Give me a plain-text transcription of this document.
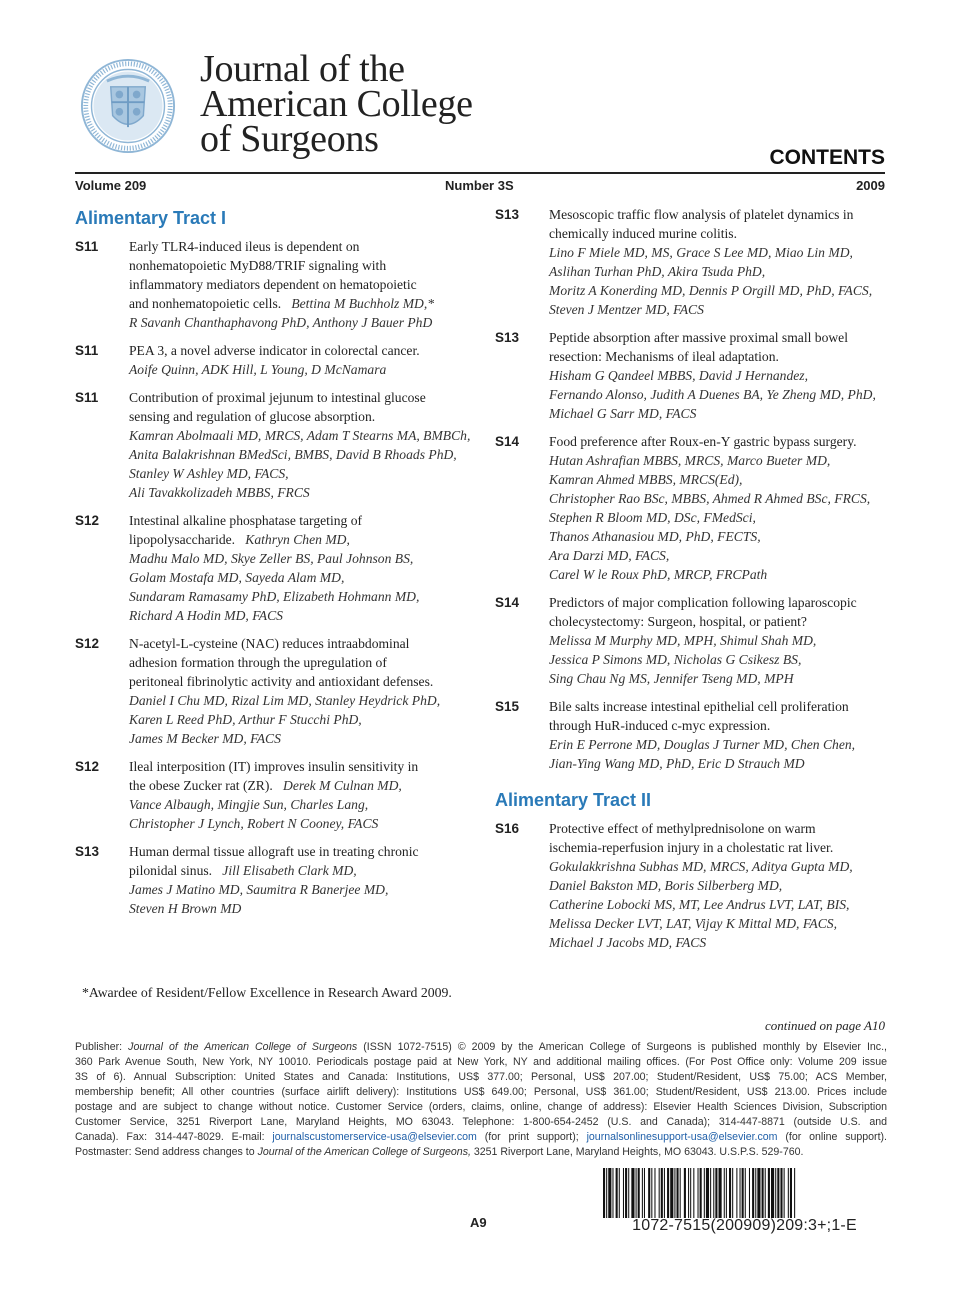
Journal of the
American College
of Surgeons	CONTENTS
Volume 209	Number 3S	2009
Alimentary Tract I
S11 Early TLR4-induced ileus is dependent on
nonhematopoietic MyD88/TRIF signaling with
inflammatory mediators dependent on hematopoietic
and nonhematopoietic cells.  Bettina M Buchholz MD,*
R Savanh Chanthaphavong PhD, Anthony J Bauer PhD
S11 PEA 3, a novel adverse indicator in colorectal cancer.
Aoife Quinn, ADK Hill, L Young, D McNamara
S11 Contribution of proximal jejunum to intestinal glucose
sensing and regulation of glucose absorption.
Kamran Abolmaali MD, MRCS, Adam T Stearns MA, BMBCh,
Anita Balakrishnan BMedSci, BMBS, David B Rhoads PhD,
Stanley W Ashley MD, FACS,
Ali Tavakkolizadeh MBBS, FRCS
S12 Intestinal alkaline phosphatase targeting of
lipopolysaccharide.  Kathryn Chen MD,
Madhu Malo MD, Skye Zeller BS, Paul Johnson BS,
Golam Mostafa MD, Sayeda Alam MD,
Sundaram Ramasamy PhD, Elizabeth Hohmann MD,
Richard A Hodin MD, FACS
S12 N-acetyl-L-cysteine (NAC) reduces intraabdominal
adhesion formation through the upregulation of
peritoneal fibrinolytic activity and antioxidant defenses.
Daniel I Chu MD, Rizal Lim MD, Stanley Heydrick PhD,
Karen L Reed PhD, Arthur F Stucchi PhD,
James M Becker MD, FACS
S12 Ileal interposition (IT) improves insulin sensitivity in
the obese Zucker rat (ZR).  Derek M Culnan MD,
Vance Albaugh, Mingjie Sun, Charles Lang,
Christopher J Lynch, Robert N Cooney, FACS
S13 Human dermal tissue allograft use in treating chronic
pilonidal sinus.  Jill Elisabeth Clark MD,
James J Matino MD, Saumitra R Banerjee MD,
Steven H Brown MD
S13 Mesoscopic traffic flow analysis of platelet dynamics in
chemically induced murine colitis.
Lino F Miele MD, MS, Grace S Lee MD, Miao Lin MD,
Aslihan Turhan PhD, Akira Tsuda PhD,
Moritz A Konerding MD, Dennis P Orgill MD, PhD, FACS,
Steven J Mentzer MD, FACS
S13 Peptide absorption after massive proximal small bowel
resection: Mechanisms of ileal adaptation.
Hisham G Qandeel MBBS, David J Hernandez,
Fernando Alonso, Judith A Duenes BA, Ye Zheng MD, PhD,
Michael G Sarr MD, FACS
S14 Food preference after Roux-en-Y gastric bypass surgery.
Hutan Ashrafian MBBS, MRCS, Marco Bueter MD,
Kamran Ahmed MBBS, MRCS(Ed),
Christopher Rao BSc, MBBS, Ahmed R Ahmed BSc, FRCS,
Stephen R Bloom MD, DSc, FMedSci,
Thanos Athanasiou MD, PhD, FECTS,
Ara Darzi MD, FACS,
Carel W le Roux PhD, MRCP, FRCPath
S14 Predictors of major complication following laparoscopic
cholecystectomy: Surgeon, hospital, or patient?
Melissa M Murphy MD, MPH, Shimul Shah MD,
Jessica P Simons MD, Nicholas G Csikesz BS,
Sing Chau Ng MS, Jennifer Tseng MD, MPH
S15 Bile salts increase intestinal epithelial cell proliferation
through HuR-induced c-myc expression.
Erin E Perrone MD, Douglas J Turner MD, Chen Chen,
Jian-Ying Wang MD, PhD, Eric D Strauch MD
Alimentary Tract II
S16 Protective effect of methylprednisolone on warm
ischemia-reperfusion injury in a cholestatic rat liver.
Gokulakkrishna Subhas MD, MRCS, Aditya Gupta MD,
Daniel Bakston MD, Boris Silberberg MD,
Catherine Lobocki MS, MT, Lee Andrus LVT, LAT, BIS,
Melissa Decker LVT, LAT, Vijay K Mittal MD, FACS,
Michael J Jacobs MD, FACS
*Awardee of Resident/Fellow Excellence in Research Award 2009.
continued on page A10
Publisher: Journal of the American College of Surgeons (ISSN 1072-7515) © 2009 by the American College of Surgeons is published monthly by Elsevier Inc.,
360 Park Avenue South, New York, NY 10010. Periodicals postage paid at New York, NY and additional mailing offices. (For Post Office only: Volume 209 issue
3S of 6). Annual Subscription: United States and Canada: Institutions, US$ 377.00; Personal, US$ 207.00; Student/Resident, US$ 75.00; ACS Member,
membership benefit; All other countries (surface airlift delivery): Institutions US$ 649.00; Personal, US$ 361.00; Student/Resident, US$ 213.00. Prices include
postage and are subject to change without notice. Customer Service (orders, claims, online, change of address): Elsevier Health Sciences Division, Subscription
Customer Service, 3251 Riverport Lane, Maryland Heights, MO 63043. Telephone: 1-800-654-2452 (U.S. and Canada); 314-447-8871 (outside U.S. and
Canada). Fax: 314-447-8029. E-mail: journalscustomerservice-usa@elsevier.com (for print support); journalsonlinesupport-usa@elsevier.com (for online support).
Postmaster: Send address changes to Journal of the American College of Surgeons, 3251 Riverport Lane, Maryland Heights, MO 63043. U.S.P.S. 529-760.
A9	1072-7515(200909)209:3+;1-E
